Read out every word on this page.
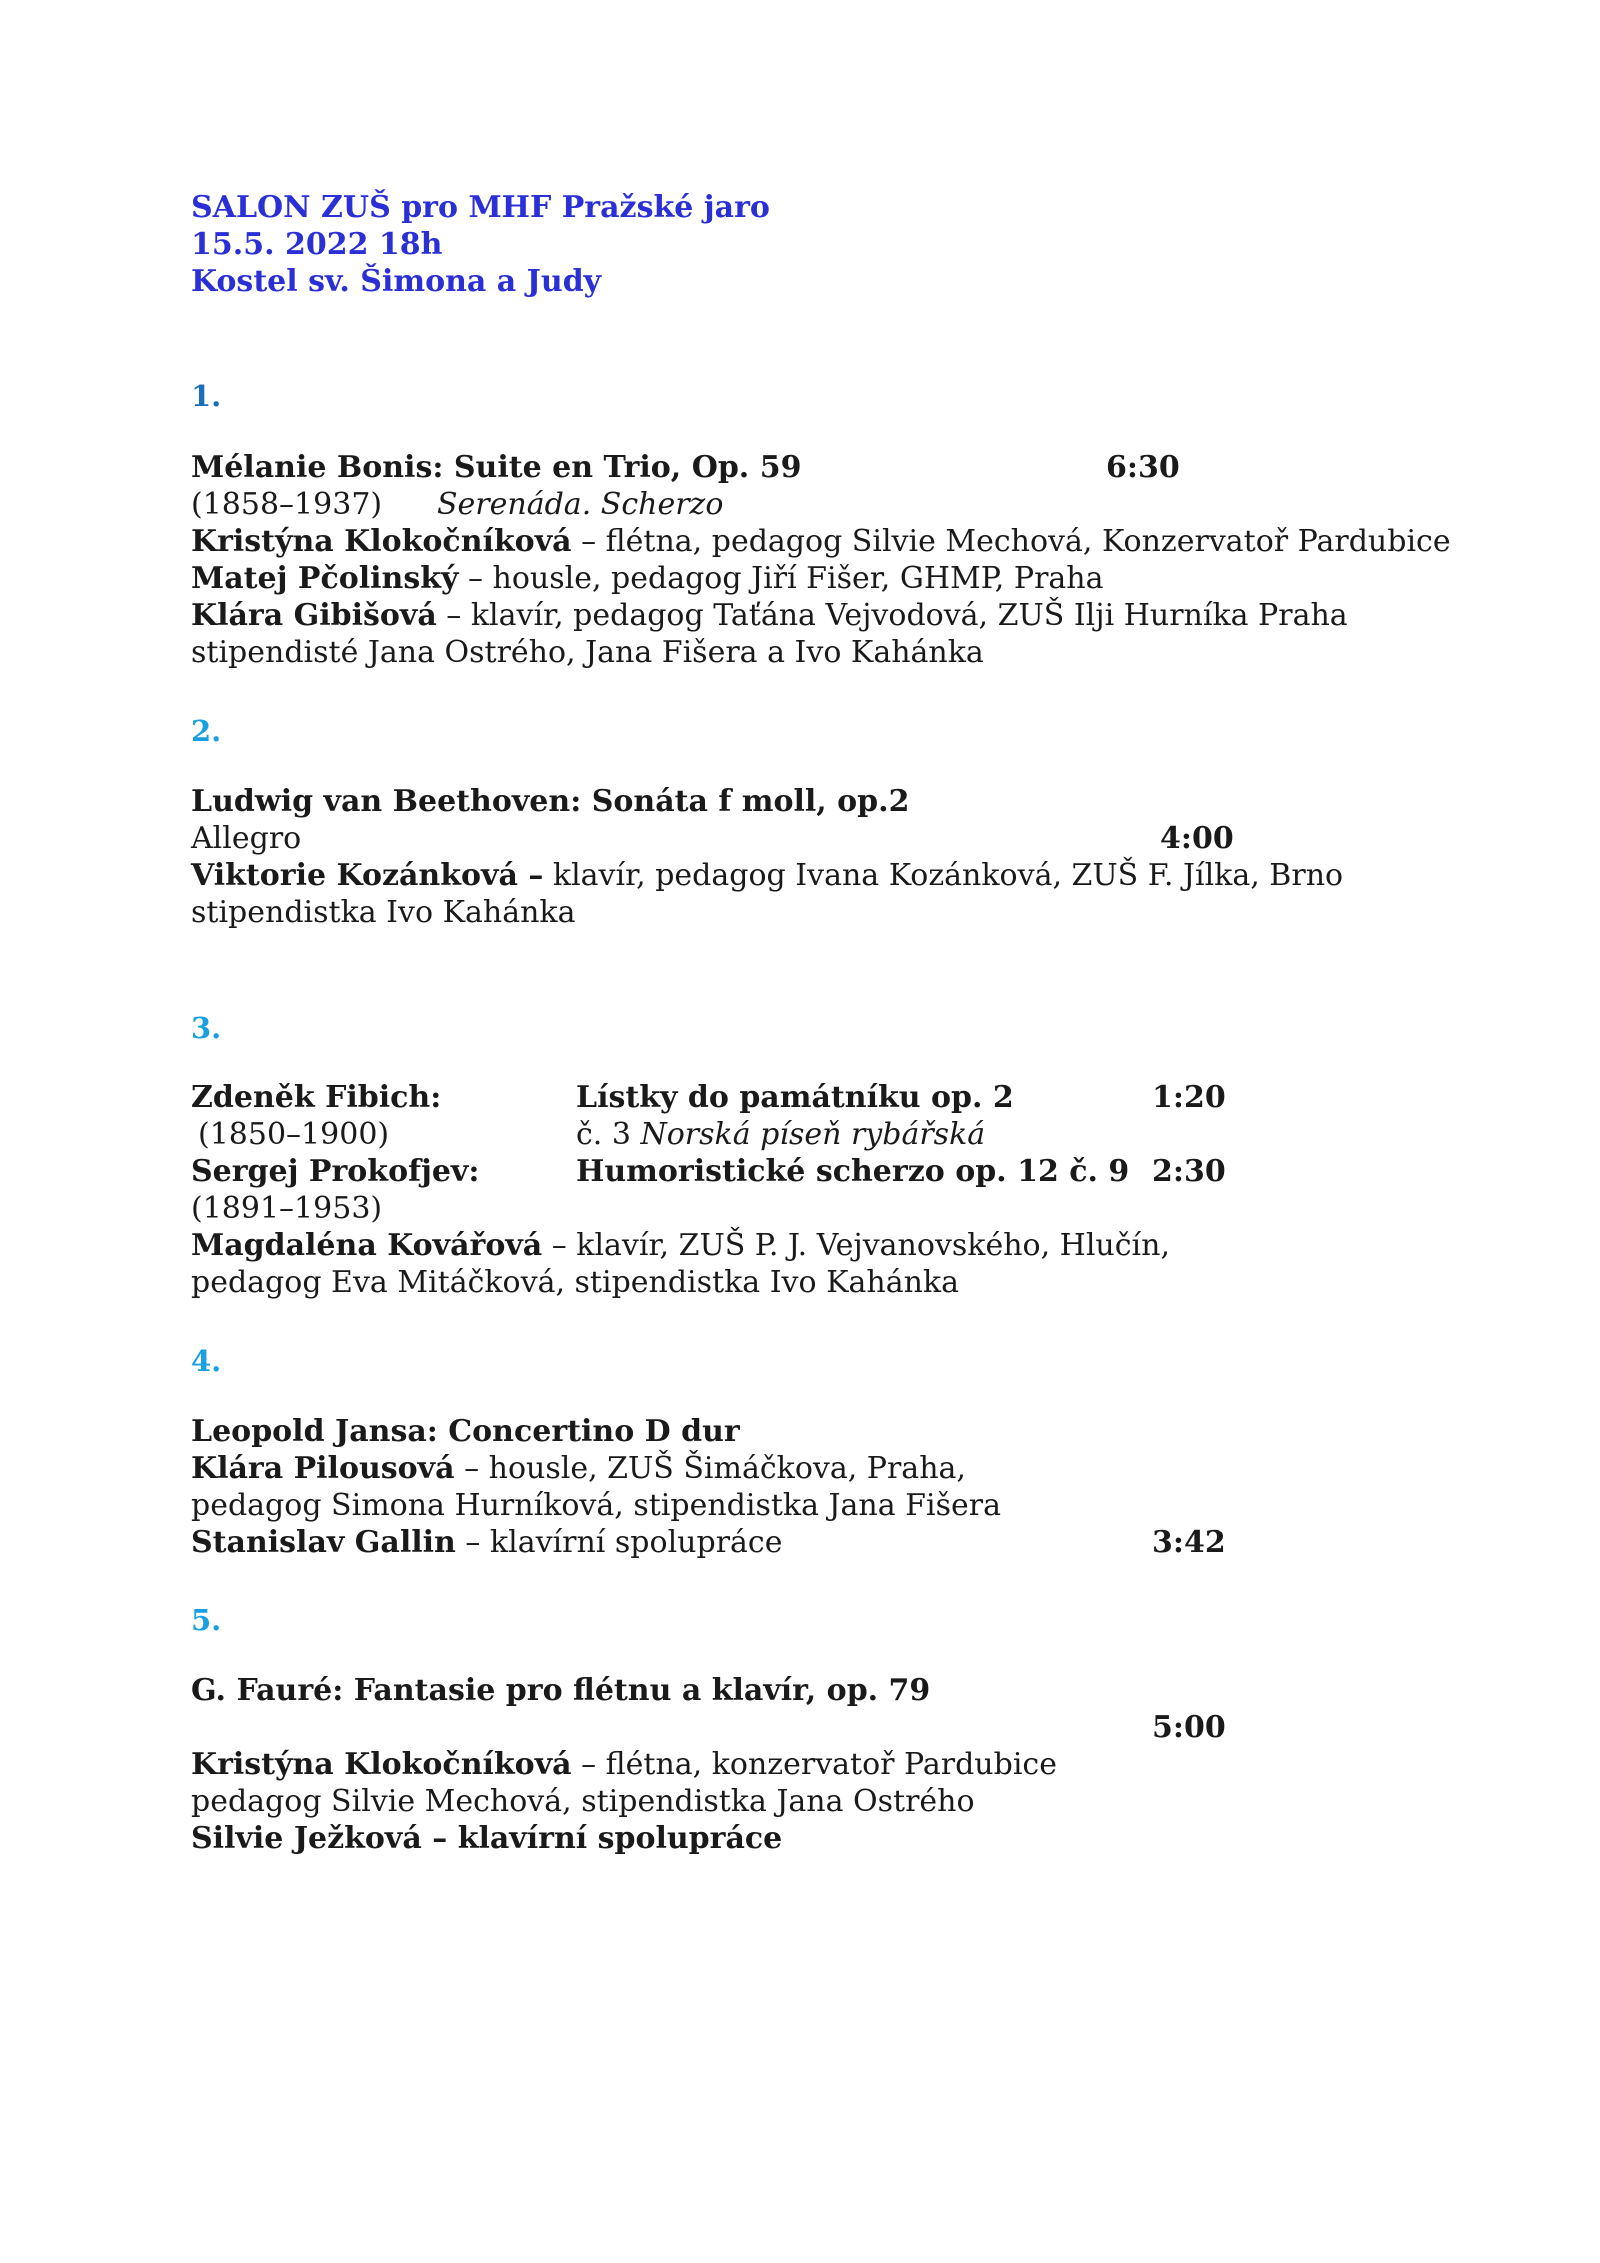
SALON ZUŠ pro MHF Pražské jaro
15.5. 2022 18h
Kostel sv. Šimona a Judy
1.
Mélanie Bonis: Suite en Trio, Op. 59	6:30
(1858–1937) Serenáda. Scherzo
Kristýna Klokočníková – flétna, pedagog Silvie Mechová, Konzervatoř Pardubice
Matej Pčolinský – housle, pedagog Jiří Fišer, GHMP, Praha
Klára Gibišová – klavír, pedagog Taťána Vejvodová, ZUŠ Ilji Hurníka Praha
stipendisté Jana Ostrého, Jana Fišera a Ivo Kahánka
2.
Ludwig van Beethoven: Sonáta f moll, op.2
Allegro	4:00
Viktorie Kozánková – klavír, pedagog Ivana Kozánková, ZUŠ F. Jílka, Brno
stipendistka Ivo Kahánka
3.
Zdeněk Fibich:	Lístky do památníku op. 2	1:20
(1850–1900)	č. 3 Norská píseň rybářská
Sergej Prokofjev:	Humoristické scherzo op. 12 č. 9 2:30
(1891–1953)
Magdaléna Kovářová – klavír, ZUŠ P. J. Vejvanovského, Hlučín,
pedagog Eva Mitáčková, stipendistka Ivo Kahánka
4.
Leopold Jansa: Concertino D dur
Klára Pilousová – housle, ZUŠ Šimáčkova, Praha,
pedagog Simona Hurníková, stipendistka Jana Fišera
Stanislav Gallin – klavírní spolupráce	3:42
5.
G. Fauré: Fantasie pro flétnu a klavír, op. 79
5:00
Kristýna Klokočníková – flétna, konzervatoř Pardubice
pedagog Silvie Mechová, stipendistka Jana Ostrého
Silvie Ježková – klavírní spolupráce
